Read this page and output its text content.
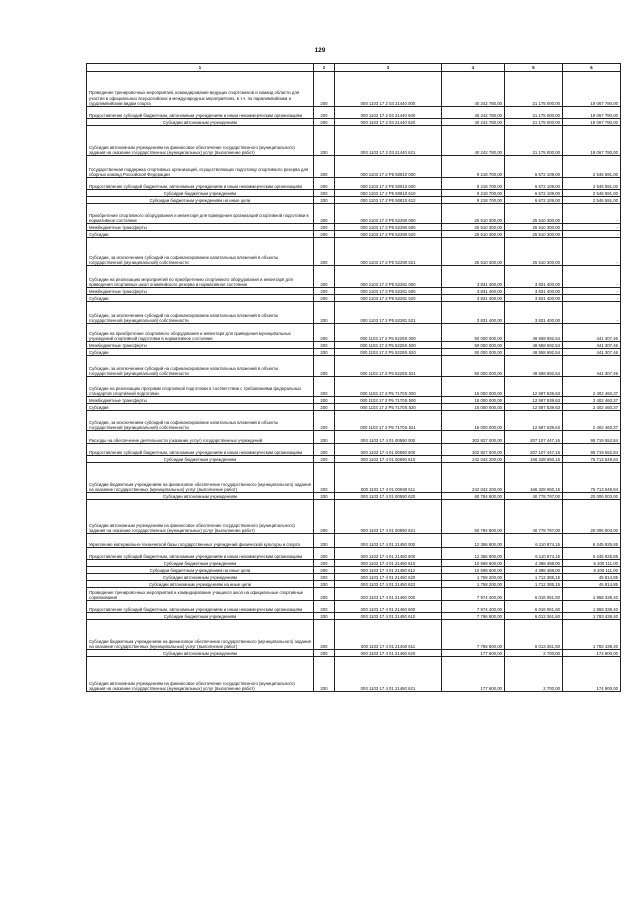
129
1	2	3	4	5	6
Проведение тренировочных мероприятий, командирование ведущих спортсменов и команд области для участия в официальных всероссийских и международных мероприятиях, в т.ч. по паралимпийским и сурдлимпийским видам спорта	200	000 1103 17 2 03 21440 000	40 242 780,00	21 175 000,00	19 067 780,00
Предоставление субсидий бюджетным, автономным учреждениям и иным некоммерческим организациям	200	000 1103 17 2 03 21440 600	40 242 780,00	21 175 000,00	19 067 780,00
Субсидии автономным учреждениям	200	000 1103 17 2 03 21440 620	40 242 780,00	21 175 000,00	19 067 780,00
Субсидии автономным учреждениям на финансовое обеспечение государственного (муниципального) задания на оказание государственных (муниципальных) услуг (выполнение работ)	200	000 1103 17 2 03 21440 621	40 242 780,00	21 175 000,00	19 067 780,00
Государственная поддержка спортивных организаций, осуществляющих подготовку спортивного резерва для сборных команд Российской Федерации	200	000 1103 17 2 Р5 50810 000	9 218 700,00	6 672 109,00	2 546 591,00
Предоставление субсидий бюджетным, автономным учреждениям и иным некоммерческим организациям	200	000 1103 17 2 Р5 50810 600	9 218 700,00	6 672 109,00	2 546 591,00
Субсидии бюджетным учреждениям	200	000 1103 17 2 Р5 50810 610	9 218 700,00	6 672 109,00	2 546 591,00
Субсидии бюджетным учреждениям на иные цели	200	000 1103 17 2 Р5 50810 612	9 218 700,00	6 672 109,00	2 546 591,00
Приобретение спортивного оборудования и инвентаря для приведения организаций спортивной подготовки в нормативное состояние	200	000 1103 17 2 Р5 52290 000	25 510 300,00	25 510 300,00	-
Межбюджетные трансферты	200	000 1103 17 2 Р5 52290 500	25 510 300,00	25 510 300,00	-
Субсидии	200	000 1103 17 2 Р5 52290 520	25 510 300,00	25 510 300,00	-
Субсидии, за исключением субсидий на софинансирование капитальных вложений в объекты государственной (муниципальной) собственности	200	000 1103 17 2 Р5 52290 521	25 510 300,00	25 510 300,00	-
Субсидии на реализацию мероприятий по приобретению спортивного оборудования и инвентаря для приведения спортивных школ олимпийского резерва в нормативное состояние	200	000 1103 17 2 Р5 52281 000	3 831 400,00	3 831 400,00	-
Межбюджетные трансферты	200	000 1103 17 2 Р5 52281 500	3 831 400,00	3 831 400,00	-
Субсидии	200	000 1103 17 2 Р5 52281 520	3 831 400,00	3 831 400,00	-
Субсидии, за исключением субсидий на софинансирование капитальных вложений в объекты государственной (муниципальной) собственности	200	000 1103 17 2 Р5 52281 521	3 831 400,00	3 831 400,00	-
Субсидии на приобретение спортивного оборудования и инвентаря для приведения муниципальных учреждений спортивной подготовки в нормативное состояние	200	000 1103 17 2 Р5 5229S 000	50 000 000,00	49 558 692,54	441 307,46
Межбюджетные трансферты	200	000 1103 17 2 Р5 5229S 500	50 000 000,00	49 558 692,54	441 307,46
Субсидии	200	000 1103 17 2 Р5 5229S 520	50 000 000,00	49 558 692,54	441 307,46
Субсидии, за исключением субсидий на софинансирование капитальных вложений в объекты государственной (муниципальной) собственности	200	000 1103 17 2 Р5 5229S 521	50 000 000,00	49 558 692,54	441 307,46
Субсидии на реализацию программ спортивной подготовки в соответствии с требованиями федеральных стандартов спортивной подготовки	200	000 1103 17 2 Р5 7170S 000	15 000 000,00	12 597 539,63	2 402 460,37
Межбюджетные трансферты	200	000 1103 17 2 Р5 7170S 500	15 000 000,00	12 597 539,63	2 402 460,37
Субсидии	200	000 1103 17 2 Р5 7170S 520	15 000 000,00	12 597 539,63	2 402 460,37
Субсидии, за исключением субсидий на софинансирование капитальных вложений в объекты государственной (муниципальной) собственности	200	000 1103 17 2 Р5 7170S 521	15 000 000,00	12 597 539,63	2 402 460,37
Расходы на обеспечение деятельности (оказание услуг) государственных учреждений	200	000 1103 17 4 01 00590 000	302 827 000,00	207 107 447,16	95 719 552,84
Предоставление субсидий бюджетным, автономным учреждениям и иным некоммерческим организациям	200	000 1103 17 4 01 00590 600	302 827 000,00	207 107 447,16	95 719 552,84
Субсидии бюджетным учреждениям	200	000 1103 17 4 01 00590 610	242 042 200,00	166 328 650,16	75 713 549,84
Субсидии бюджетным учреждениям на финансовое обеспечение государственного (муниципального) задания на оказание государственных (муниципальных) услуг (выполнение работ)	200	000 1103 17 4 01 00590 611	242 042 200,00	166 328 650,16	75 713 549,84
Субсидии автономным учреждениям	200	000 1103 17 4 01 00590 620	60 784 800,00	40 778 797,00	20 006 003,00
Субсидии автономным учреждениям на финансовое обеспечение государственного (муниципального) задания на оказание государственных (муниципальных) услуг (выполнение работ)	200	000 1103 17 4 01 00590 621	60 784 800,00	40 778 797,00	20 006 003,00
Укрепление материально-технической базы государственных учреждений физической культуры и спорта	200	000 1103 17 4 01 21450 000	12 356 800,00	6 110 874,15	6 245 925,85
Предоставление субсидий бюджетным, автономным учреждениям и иным некоммерческим организациям	200	000 1103 17 4 01 21450 600	12 356 800,00	6 110 874,15	6 245 925,85
Субсидии бюджетным учреждениям	200	000 1103 17 4 01 21450 610	10 598 600,00	4 398 488,00	6 200 111,00
Субсидии бюджетным учреждениям на иные цели	200	000 1103 17 4 01 21450 612	10 598 600,00	4 398 488,00	6 200 111,00
Субсидии автономным учреждениям	200	000 1103 17 4 01 21450 620	1 758 200,00	1 712 385,15	45 814,85
Субсидии автономным учреждениям на иные цели	200	000 1103 17 4 01 21450 622	1 758 200,00	1 712 385,15	45 814,85
Проведение тренировочных мероприятий и командирование учащихся школ на официальные спортивные соревнования	200	000 1103 17 4 01 21460 000	7 974 400,00	6 016 061,60	1 958 338,40
Предоставление субсидий бюджетным, автономным учреждениям и иным некоммерческим организациям	200	000 1103 17 4 01 21460 600	7 974 400,00	6 016 061,60	1 958 338,40
Субсидии бюджетным учреждениям	200	000 1103 17 4 01 21460 610	7 796 800,00	6 013 361,60	1 783 438,40
Субсидии бюджетным учреждениям на финансовое обеспечение государственного (муниципального) задания на оказание государственных (муниципальных) услуг (выполнение работ)	200	000 1103 17 4 01 21460 611	7 796 800,00	6 013 361,60	1 783 438,40
Субсидии автономным учреждениям	200	000 1103 17 4 01 21460 620	177 600,00	2 700,00	174 900,00
Субсидии автономным учреждениям на финансовое обеспечение государственного (муниципального) задания на оказание государственных (муниципальных) услуг (выполнение работ)	200	000 1103 17 4 01 21460 621	177 600,00	2 700,00	174 900,00
